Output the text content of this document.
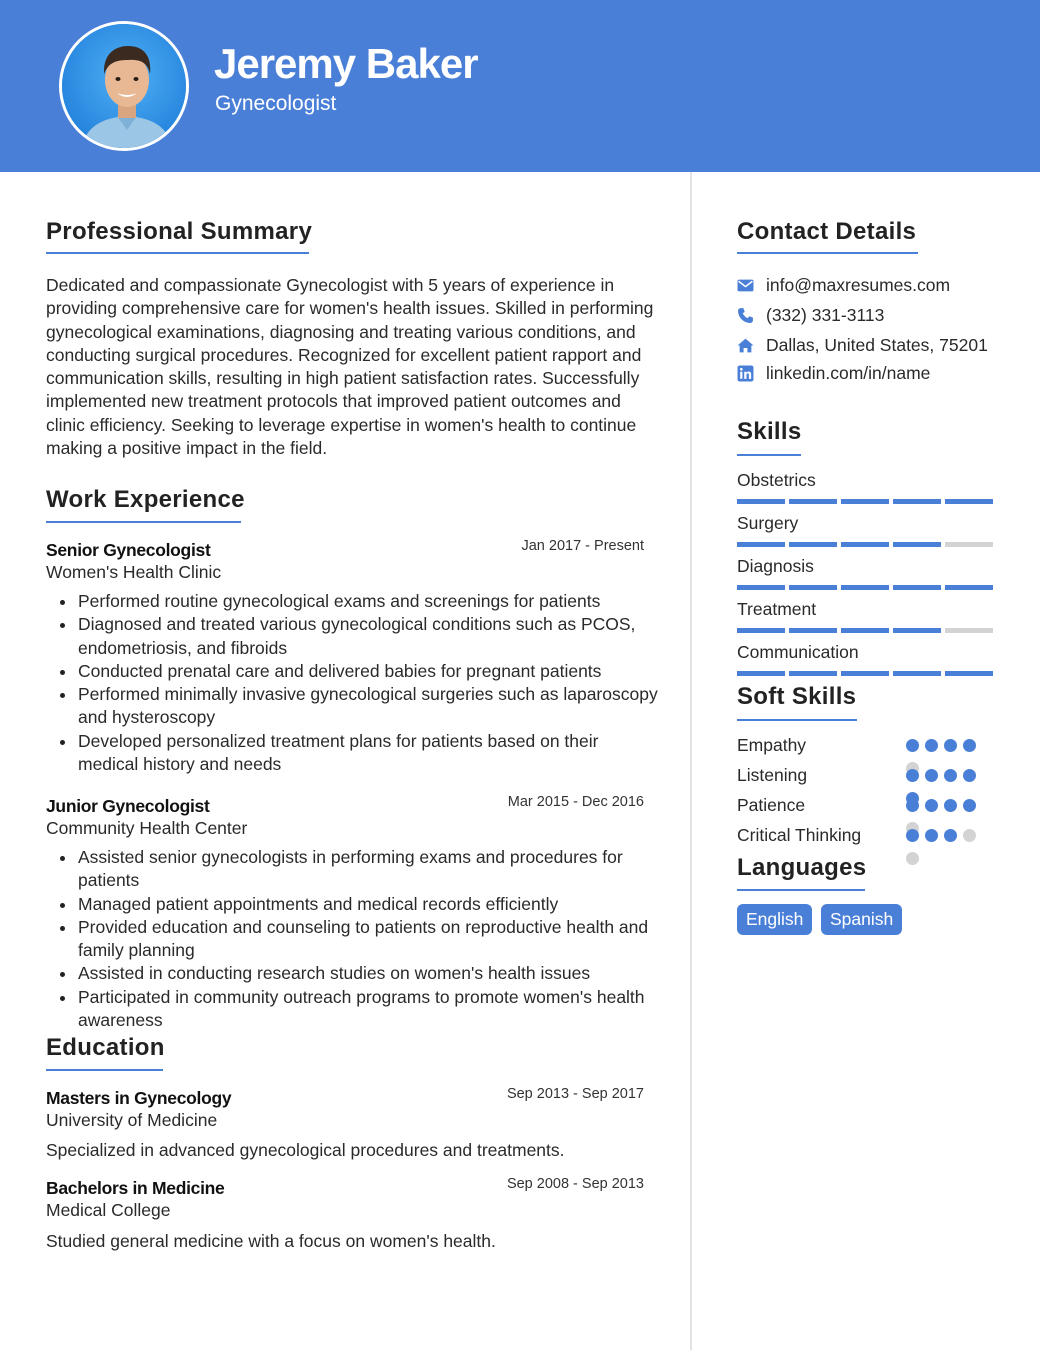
Jeremy Baker
Gynecologist
Professional Summary

Dedicated and compassionate Gynecologist with 5 years of experience in providing comprehensive care for women's health issues. Skilled in performing gynecological examinations, diagnosing and treating various conditions, and conducting surgical procedures. Recognized for excellent patient rapport and communication skills, resulting in high patient satisfaction rates. Successfully implemented new treatment protocols that improved patient outcomes and clinic efficiency. Seeking to leverage expertise in women's health to continue making a positive impact in the field.

Work Experience
Senior Gynecologist	Jan 2017 - Present
Women's Health Clinic
Performed routine gynecological exams and screenings for patients
Diagnosed and treated various gynecological conditions such as PCOS, endometriosis, and fibroids
Conducted prenatal care and delivered babies for pregnant patients
Performed minimally invasive gynecological surgeries such as laparoscopy and hysteroscopy
Developed personalized treatment plans for patients based on their medical history and needs
Junior Gynecologist	Mar 2015 - Dec 2016
Community Health Center
Assisted senior gynecologists in performing exams and procedures for patients
Managed patient appointments and medical records efficiently
Provided education and counseling to patients on reproductive health and family planning
Assisted in conducting research studies on women's health issues
Participated in community outreach programs to promote women's health awareness
Education
Masters in Gynecology	Sep 2013 - Sep 2017
University of Medicine
Specialized in advanced gynecological procedures and treatments.
Bachelors in Medicine	Sep 2008 - Sep 2013
Medical College
Studied general medicine with a focus on women's health.
Contact Details
info@maxresumes.com
(332) 331-3113
Dallas, United States, 75201
linkedin.com/in/name
Skills
Obstetrics
Surgery
Diagnosis
Treatment
Communication
Soft Skills
Empathy
Listening
Patience
Critical Thinking
Languages
English	Spanish
